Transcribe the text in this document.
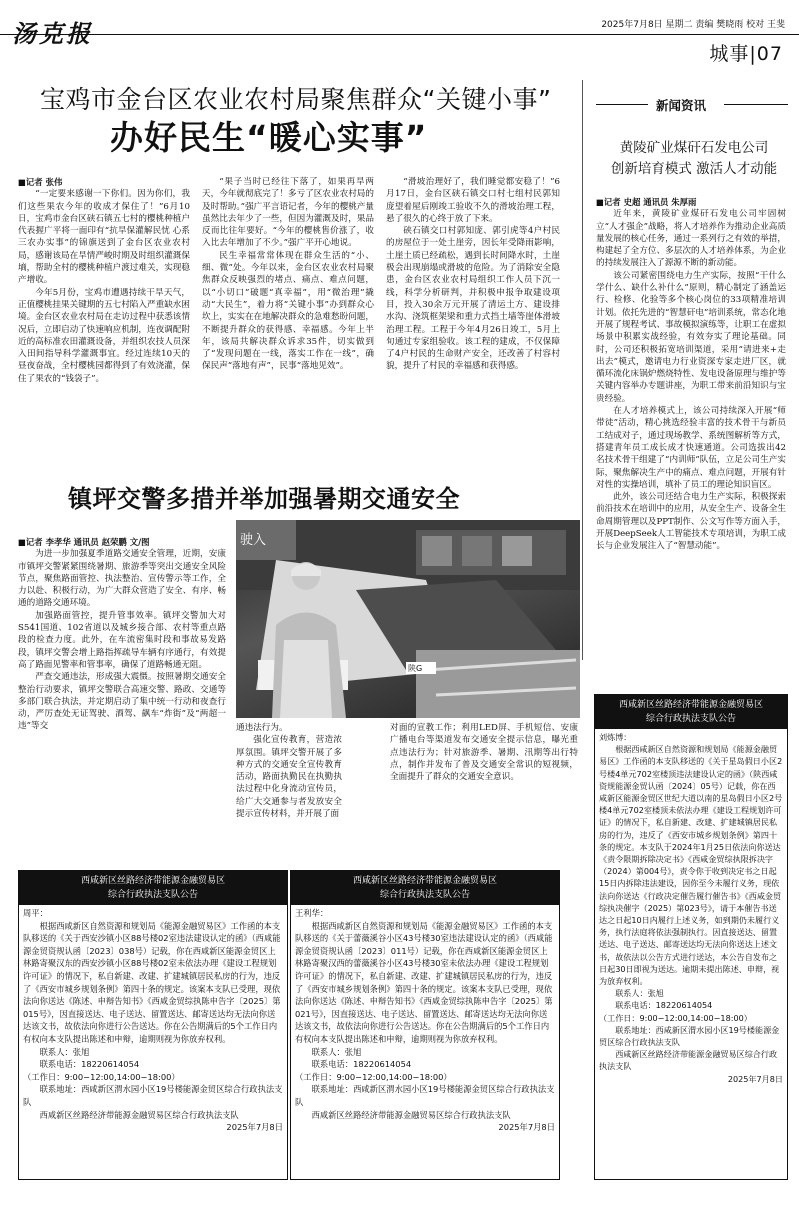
汤克报	2025年7月8日 星期二 责编 樊晓雨 校对 王斐
城事|07
宝鸡市金台区农业农村局聚焦群众“关键小事”
办好民生“暖心实事”

■记者 张伟

“一定要来感谢一下你们。因为你们，我们这些果农今年的收成才保住了！”6月10日，宝鸡市金台区硖石镇五七村的樱桃种植户代表握广平将一面印有“抗旱保灌解民忧 心系三农办实事”的锦旗送到了金台区农业农村局，感谢该局在旱情严峻时期及时组织灌溉保墒，帮助全村的樱桃种植户渡过难关，实现稳产增收。

今年5月份，宝鸡市遭遇持续干旱天气，正值樱桃挂果关键期的五七村陷入严重缺水困境。金台区农业农村局在走访过程中获悉该情况后，立即启动了快速响应机制，连夜调配附近的高标准农田灌溉设备，并组织农技人员深入田间指导科学灌溉事宜。经过连续10天的昼夜奋战，全村樱桃园都得到了有效浇灌，保住了果农的“钱袋子”。

“果子当时已经往下落了，如果再旱两天，今年就彻底完了！多亏了区农业农村局的及时帮助。”强广平言语记者，今年的樱桃产量虽然比去年少了一些，但因为灌溉及时，果品反而比往年要好。“今年的樱桃售价涨了，收入比去年增加了不少。”强广平开心地说。

民生幸福常常体现在群众生活的“小、细、微”处。今年以来，金台区农业农村局聚焦群众反映强烈的堵点、痛点、难点问题，以“小切口”破题“真幸福”，用“微治理”撬动“大民生”，着力将“关键小事”办到群众心坎上，实实在在地解决群众的急难愁盼问题，不断提升群众的获得感、幸福感。今年上半年，该局共解决群众诉求35件，切实做到了“发现问题在一线，落实工作在一线”，确保民声“落地有声”，民事“落地见效”。

“滑坡治理好了，我们睡觉都安稳了！”6月17日，金台区硖石镇交口村七组村民郭知庞望着屋后刚竣工验收不久的滑坡治理工程，悬了很久的心终于放了下来。

硖石镇交口村郭知庞、郭引虎等4户村民的房屋位于一处土崖旁，因长年受降雨影响，土崖土质已经疏松，遇到长时间降水时，土崖极会出现崩塌或滑坡的危险。为了消除安全隐患，金台区农业农村局组织工作人员下沉一线，科学分析研判，并积极申报争取建设项目，投入30余万元开展了清运土方、建设排水沟、浇筑框架梁和重力式挡土墙等崖体滑坡治理工程。工程于今年4月26日竣工，5月上旬通过专家组验收。该工程的建成，不仅保障了4户村民的生命财产安全，还改善了村容村貌，提升了村民的幸福感和获得感。

新闻资讯
黄陵矿业煤矸石发电公司
创新培育模式 激活人才动能

■记者 史超 通讯员 朱厚雨

近年来，黄陵矿业煤矸石发电公司牢固树立“人才强企”战略，将人才培养作为推动企业高质量发展的核心任务，通过一系列行之有效的举措，构建起了全方位、多层次的人才培养体系，为企业的持续发展注入了源源不断的新动能。

该公司紧密围绕电力生产实际，按照“干什么学什么、缺什么补什么”原则，精心制定了涵盖运行、检修、化验等多个核心岗位的33项精准培训计划。依托先进的“智慧矸电”培训系统，常态化地开展了规程考试、事故模拟演练等，让职工在虚拟场景中积累实战经验，有效夯实了理论基础。同时，公司还积极拓宽培训渠道，采用“请进来+走出去”模式，邀请电力行业资深专家走进厂区，就循环流化床锅炉燃烧特性、发电设备原理与维护等关键内容举办专题讲座，为职工带来前沿知识与宝贵经验。

在人才培养模式上，该公司持续深入开展“师带徒”活动，精心挑选经验丰富的技术骨干与新员工结成对子，通过现场教学、系统图解析等方式，搭建青年员工成长成才快速通道。公司选拔出42名技术骨干组建了“内训师”队伍，立足公司生产实际，聚焦解决生产中的痛点、难点问题，开展有针对性的实操培训，填补了员工的理论知识盲区。

此外，该公司还结合电力生产实际，积极探索前沿技术在培训中的应用，从安全生产、设备全生命周期管理以及PPT制作、公文写作等方面入手，开展DeepSeek人工智能技术专项培训，为职工成长与企业发展注入了“智慧动能”。

镇坪交警多措并举加强暑期交通安全

■记者 李孝华 通讯员 赵荣鹏 文/图

为进一步加强夏季道路交通安全管理，近期，安康市镇坪交警紧紧围绕暑期、旅游季等突出交通安全风险节点，聚焦路面管控、执法整治、宣传警示等工作，全力以赴、积极行动，为广大群众营造了安全、有序、畅通的道路交通环境。

加强路面管控，提升管事效率。镇坪交警加大对S541国道、102省道以及城乡接合部、农村等重点路段的检查力度。此外，在车流密集时段和事故易发路段，镇坪交警会增上路指挥疏导车辆有序通行，有效提高了路面见警率和管事率，确保了道路畅通无阻。

严查交通违法，形成强大震慑。按照暑期交通安全整治行动要求，镇坪交警联合高速交警、路政、交通等多部门联合执法，并定期启动了集中统一行动和夜查行动，严厉查处无证驾驶、酒驾、飙车“炸街”及“两超一违”等交

陕G
驶入

通违法行为。

强化宣传教育，营造浓厚氛围。镇坪交警开展了多种方式的交通安全宣传教育活动，路面执勤民在执勤执法过程中化身流动宣传员，给广大交通参与者发放安全提示宣传材料，并开展了面

对面的宣教工作；利用LED屏、手机短信、安康广播电台等渠道发布交通安全提示信息，曝光重点违法行为；针对旅游季、暑期、汛期等出行特点，制作并发布了普及交通安全常识的短视频，全面提升了群众的交通安全意识。

西咸新区丝路经济带能源金融贸易区
综合行政执法支队公告

周平：

根据西咸新区自然资源和规划局《能源金融贸易区》工作函的本支队移送的《关于西安沙镇小区88号楼02室违法建设认定的函》（西咸能源金贸资规认函〔2023〕038号）记载，你在西咸新区能源金贸区上林路寄聚汉东的西安沙镇小区88号楼02室未依法办理《建设工程规划许可证》的情况下，私自新建、改建、扩建城镇居民私房的行为，违反了《西安市城乡规划条例》第四十条的规定。该案本支队已受理，现依法向你送达《陈述、申辩告知书》《西咸金贸综执陈申告字〔2025〕第015号》，因直接送达、电子送达、留置送达、邮寄送达均无法向你送达该文书，故依法向你进行公告送达。你在公告期满后的5个工作日内有权向本支队提出陈述和申辩，逾期则视为你放弃权利。

联系人：张旭

联系电话：18220614054

（工作日：9:00−12:00,14:00−18:00）

联系地址：西咸新区渭水园小区19号楼能源金贸区综合行政执法支队

西咸新区丝路经济带能源金融贸易区综合行政执法支队

2025年7月8日

西咸新区丝路经济带能源金融贸易区
综合行政执法支队公告

王利华：

根据西咸新区自然资源和规划局《能源金融贸易区》工作函的本支队移送的《关于蕾薇溪谷小区43号楼30室违法建设认定的函》（西咸能源金贸资规认函〔2023〕011号）记载，你在西咸新区能源金贸区上林路寄聚汉西的蕾薇溪谷小区43号楼30室未依法办理《建设工程规划许可证》的情况下，私自新建、改建、扩建城镇居民私房的行为，违反了《西安市城乡规划条例》第四十条的规定。该案本支队已受理，现依法向你送达《陈述、申辩告知书》《西咸金贸综执陈申告字〔2025〕第021号》，因直接送达、电子送达、留置送达、邮寄送达均无法向你送达该文书，故依法向你进行公告送达。你在公告期满后的5个工作日内有权向本支队提出陈述和申辩，逾期则视为你放弃权利。

联系人：张旭

联系电话：18220614054

（工作日：9:00−12:00,14:00−18:00）

联系地址：西咸新区渭水园小区19号楼能源金贸区综合行政执法支队

西咸新区丝路经济带能源金融贸易区综合行政执法支队

2025年7月8日

西咸新区丝路经济带能源金融贸易区
综合行政执法支队公告

刘炼博：

根据西咸新区自然资源和规划局《能源金融贸易区》工作函的本支队移送的《关于星岛假日小区2号楼4单元702室楼顶违法建设认定的函》（陕西咸资规能源金贸认函〔2024〕05号）记载，你在西咸新区能源金贸区世纪大道以南的星岛假日小区2号楼4单元702室楼顶未依法办理《建设工程规划许可证》的情况下，私自新建、改建、扩建城镇居民私房的行为，违反了《西安市城乡规划条例》第四十条的规定。本支队于2024年1月25日依法向你送达《责令限期拆除决定书》《西咸金贸综执限拆决字（2024）第004号》，责令你于收到决定书之日起15日内拆除违法建设，因你至今未履行义务，现依法向你送达《行政决定催告履行催告书》《西咸金贸综执决催字（2025）第023号》，请于本催告书送达之日起10日内履行上述义务，如到期仍未履行义务，执行法庭将依法强制执行。因直接送达、留置送达、电子送达、邮寄送达均无法向你送达上述文书，故依法以公告方式进行送达，本公告自发布之日起30日即视为送达。逾期未提出陈述、申辩，视为放弃权利。

联系人：张旭

联系电话：18220614054

（工作日：9:00−12:00,14:00−18:00）

联系地址：西咸新区渭水园小区19号楼能源金贸区综合行政执法支队

西咸新区丝路经济带能源金融贸易区综合行政执法支队

2025年7月8日
